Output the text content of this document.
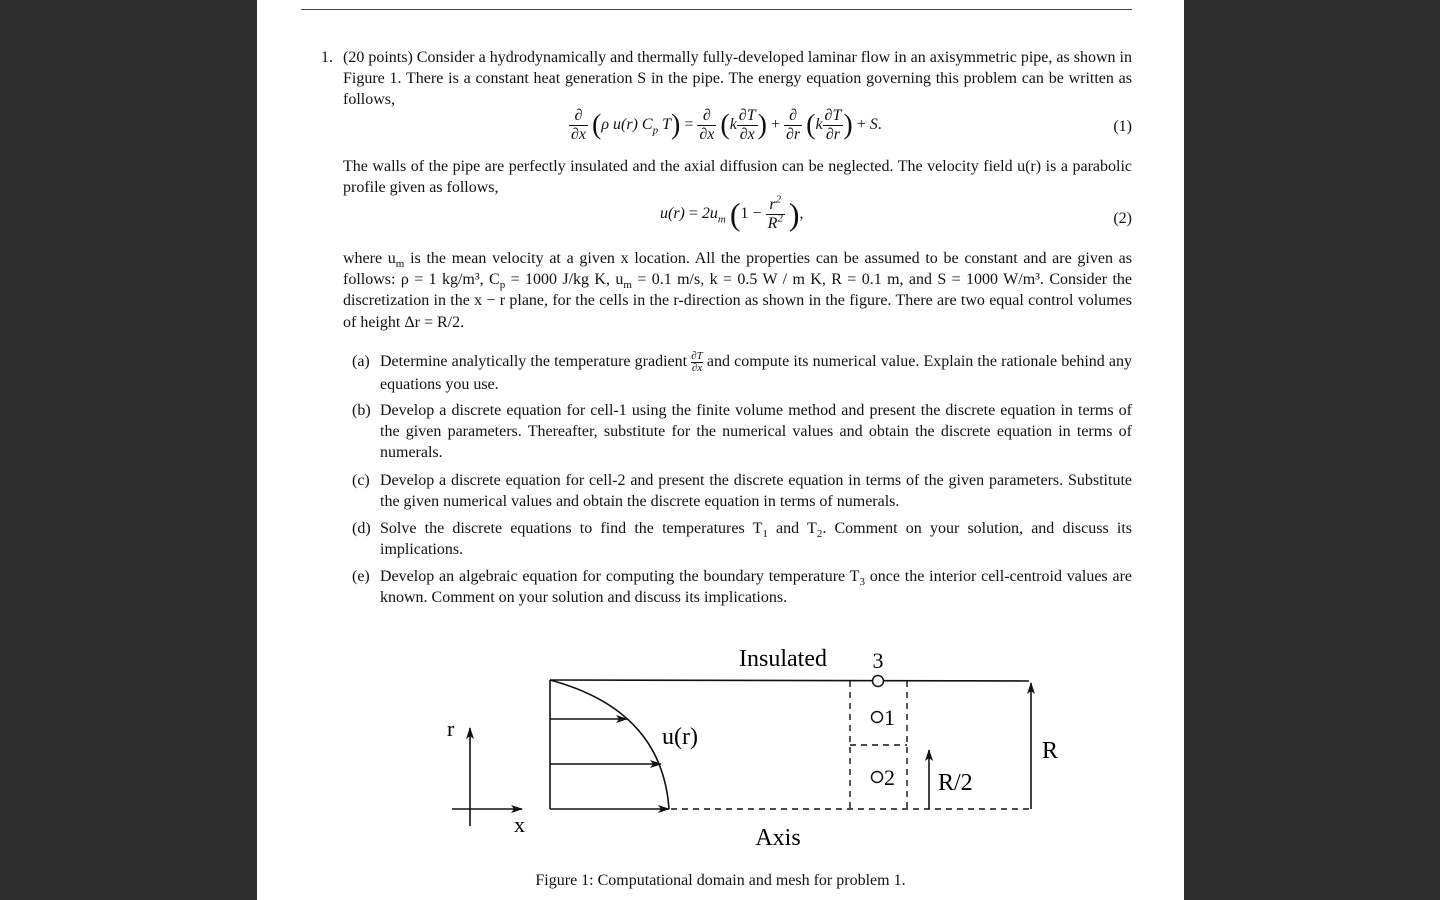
1. (20 points) Consider a hydrodynamically and thermally fully-developed laminar flow in an axisymmetric pipe, as shown in Figure 1. There is a constant heat generation S in the pipe. The energy equation governing this problem can be written as follows,
$\frac{\partial}{\partial x} (\rho$ u(r) $C_p$ $T) = \frac{\partial}{\partial x} (k \frac{\partial T}{\partial x}$ ) + $\frac{\partial}{\partial r} (k \frac{\partial T}{\partial r}$ ) + S.	(1)
The walls of the pipe are perfectly insulated and the axial diffusion can be neglected. The velocity field u(r) is a parabolic profile given as follows,
$u(r) = 2u_m$ ($1 - \frac{r^2}{R^2}$ ),	(2)
where $u_m$ is the mean velocity at a given x location. All the properties can be assumed to be constant and are given as follows: ρ = 1 kg/m³, $C_p = 1000$ J/kg K, $u_m = 0.1$ m/s, k = 0.5 W / m K, R = 0.1 m, and S = 1000 W/m³. Consider the discretization in the x − r plane, for the cells in the r-direction as shown in the figure. There are two equal control volumes of height Δr = R/2.
(a) Determine analytically the temperature gradient $\frac{\partial T}{\partial x}$ and compute its numerical value. Explain the rationale behind any equations you use.
(b) Develop a discrete equation for cell-1 using the finite volume method and present the discrete equation in terms of the given parameters. Thereafter, substitute for the numerical values and obtain the discrete equation in terms of numerals.
(c) Develop a discrete equation for cell-2 and present the discrete equation in terms of the given parameters. Substitute the given numerical values and obtain the discrete equation in terms of numerals.
(d) Solve the discrete equations to find the temperatures $T_1$ and $T_2$. Comment on your solution, and discuss its implications.
(e) Develop an algebraic equation for computing the boundary temperature $T_3$ once the interior cell-centroid values are known. Comment on your solution and discuss its implications.
Insulated 3
u(r)
Axis
1
2 R/2
R
r
x
Figure 1: Computational domain and mesh for problem 1.
